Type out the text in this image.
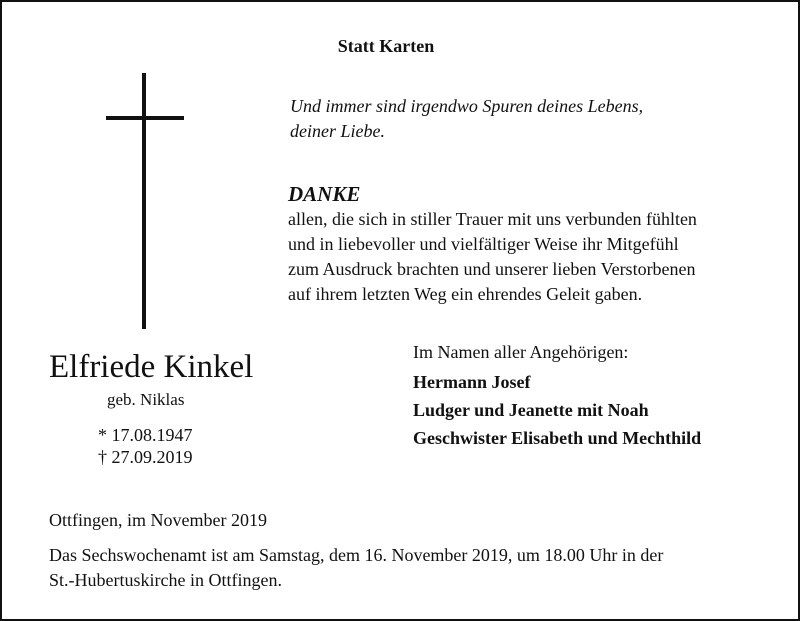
Statt Karten
Und immer sind irgendwo Spuren deines Lebens,
deiner Liebe.
DANKE
allen, die sich in stiller Trauer mit uns verbunden fühlten
und in liebevoller und vielfältiger Weise ihr Mitgefühl
zum Ausdruck brachten und unserer lieben Verstorbenen
auf ihrem letzten Weg ein ehrendes Geleit gaben.
Elfriede Kinkel
geb. Niklas
* 17.08.1947
† 27.09.2019
Im Namen aller Angehörigen:
Hermann Josef
Ludger und Jeanette mit Noah
Geschwister Elisabeth und Mechthild
Ottfingen, im November 2019
Das Sechswochenamt ist am Samstag, dem 16. November 2019, um 18.00 Uhr in der
St.-Hubertuskirche in Ottfingen.
